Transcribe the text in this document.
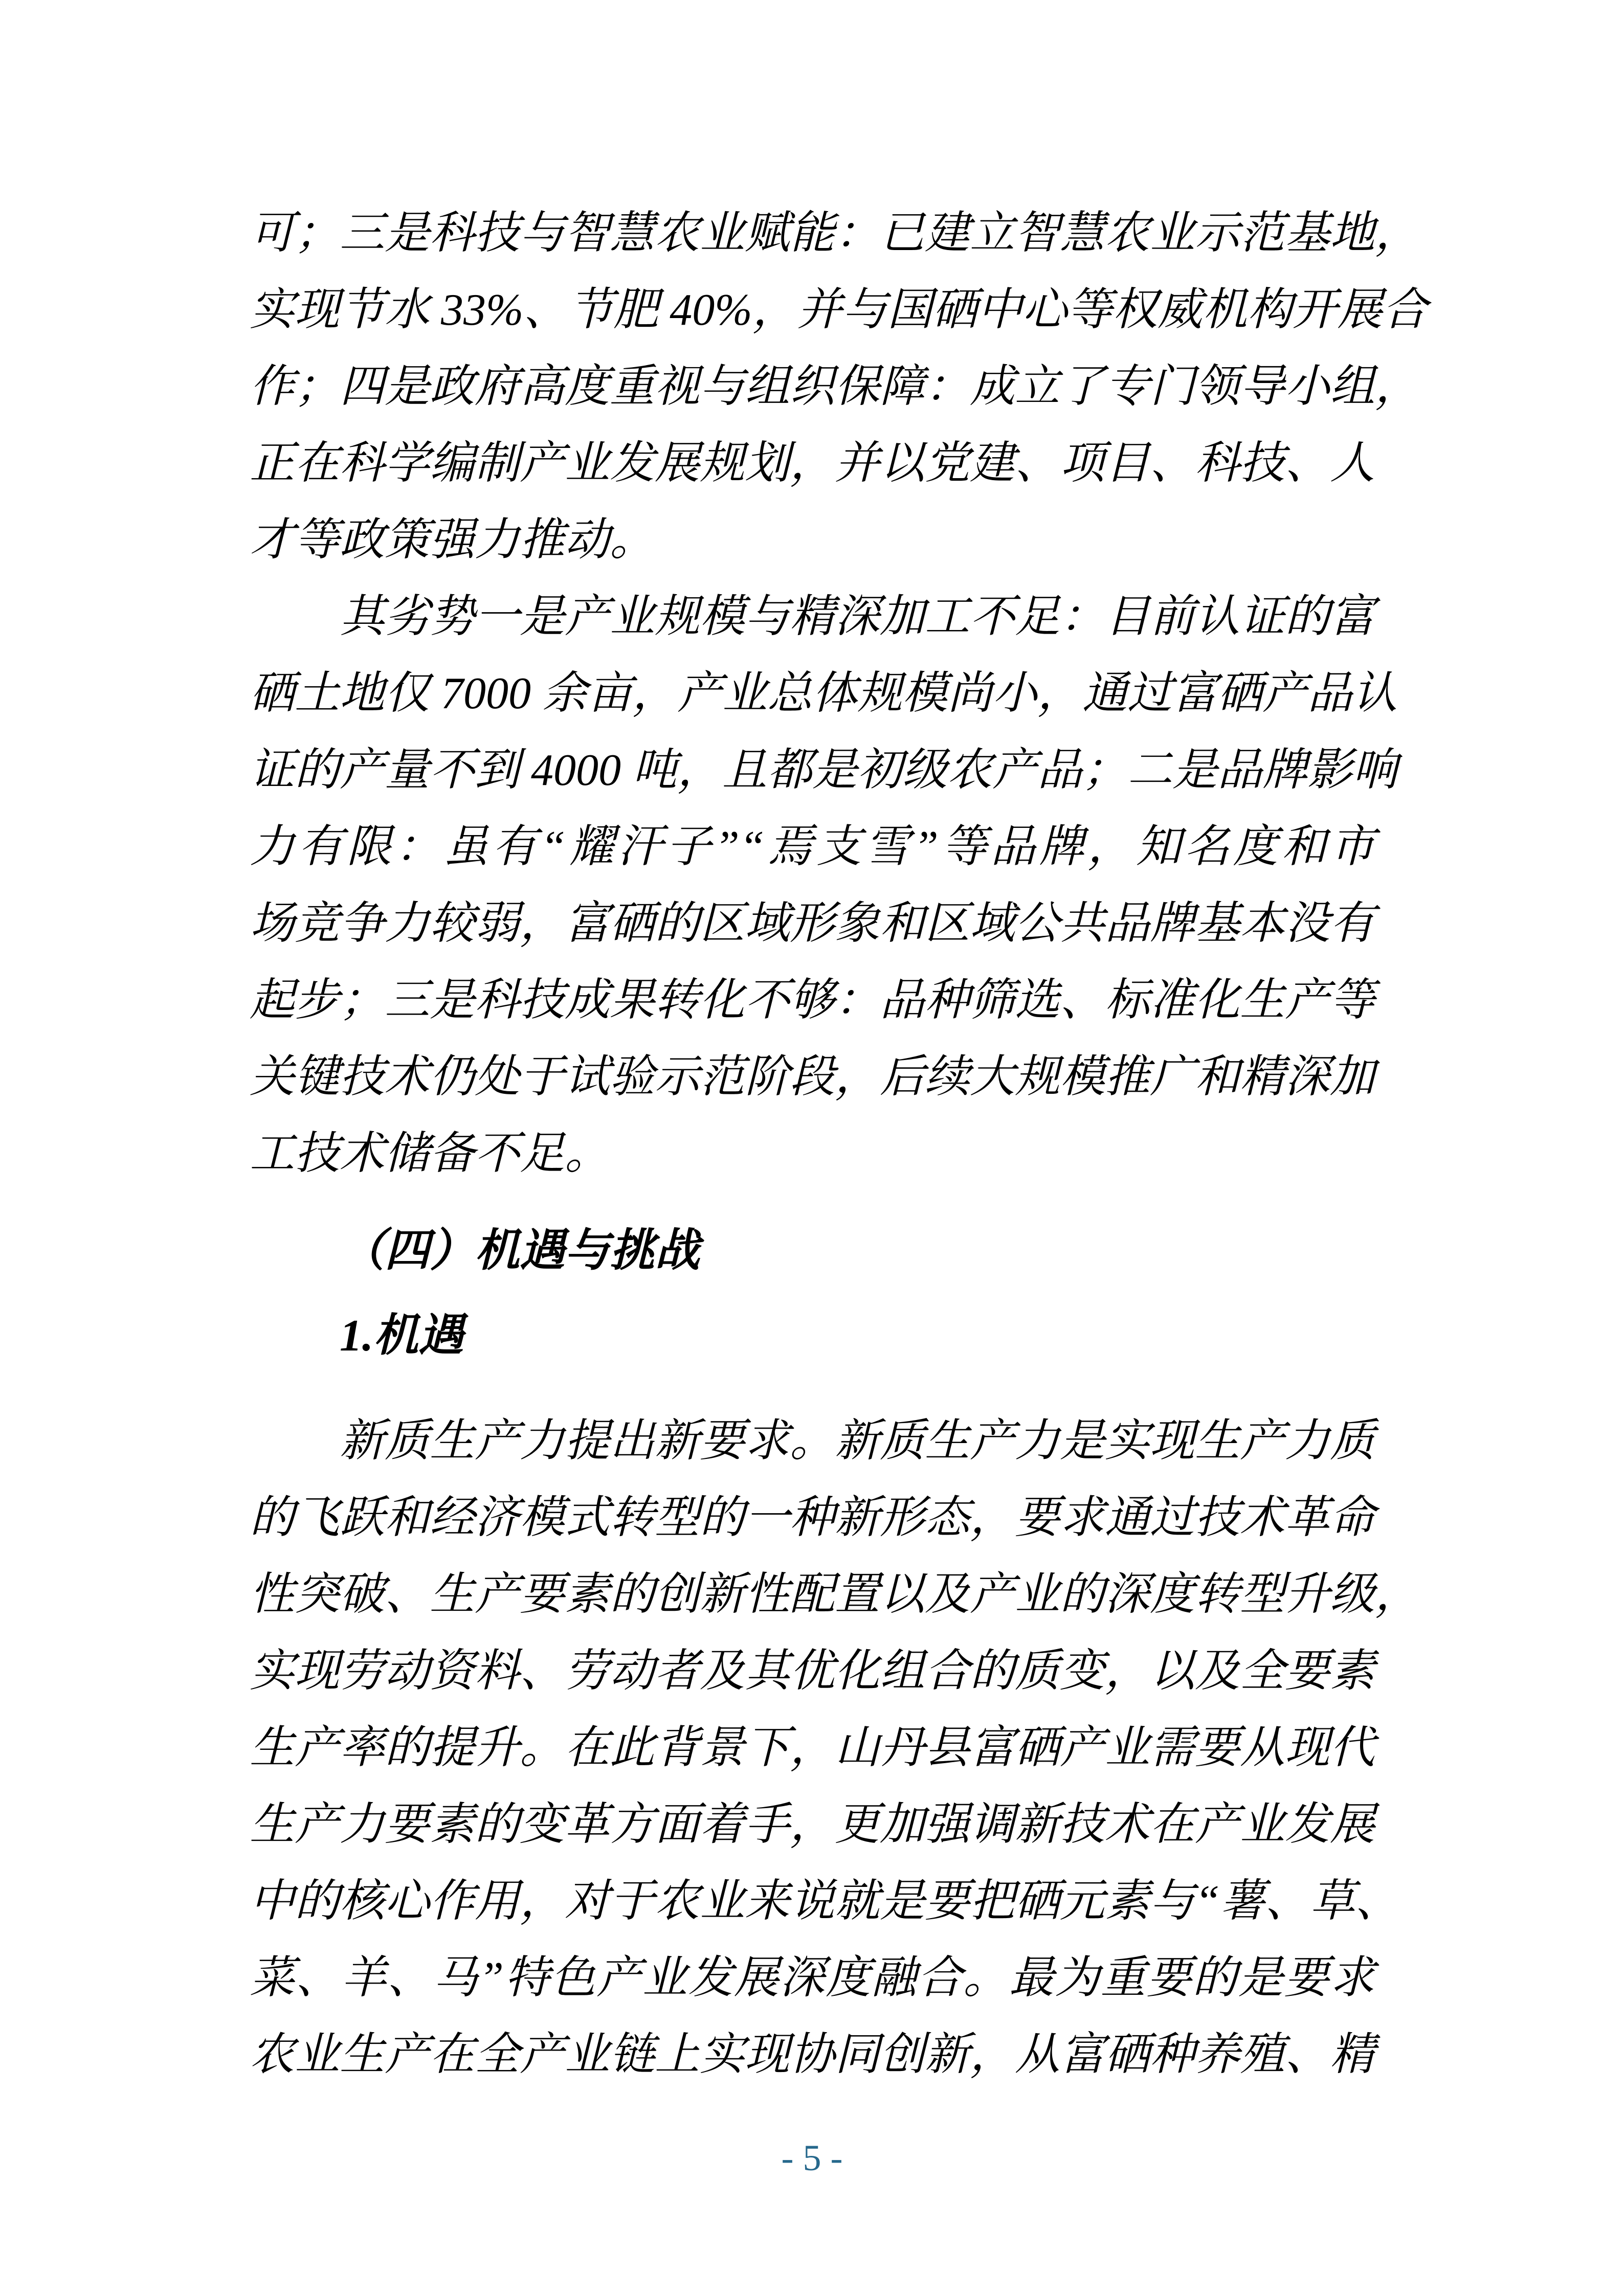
可；三是科技与智慧农业赋能：已建立智慧农业示范基地，

实现节水 33%、节肥 40%，并与国硒中心等权威机构开展合

作；四是政府高度重视与组织保障：成立了专门领导小组，

正在科学编制产业发展规划，并以党建、项目、科技、人

才等政策强力推动。

其劣势一是产业规模与精深加工不足：目前认证的富

硒土地仅 7000 余亩，产业总体规模尚小，通过富硒产品认

证的产量不到 4000 吨，且都是初级农产品；二是品牌影响

力有限：虽有“耀汗子”“焉支雪”等品牌，知名度和市

场竞争力较弱，富硒的区域形象和区域公共品牌基本没有

起步；三是科技成果转化不够：品种筛选、标准化生产等

关键技术仍处于试验示范阶段，后续大规模推广和精深加

工技术储备不足。

（四）机遇与挑战
1.机遇

新质生产力提出新要求。新质生产力是实现生产力质

的飞跃和经济模式转型的一种新形态，要求通过技术革命

性突破、生产要素的创新性配置以及产业的深度转型升级，

实现劳动资料、劳动者及其优化组合的质变，以及全要素

生产率的提升。在此背景下，山丹县富硒产业需要从现代

生产力要素的变革方面着手，更加强调新技术在产业发展

中的核心作用，对于农业来说就是要把硒元素与“薯、草、

菜、羊、马”特色产业发展深度融合。最为重要的是要求

农业生产在全产业链上实现协同创新，从富硒种养殖、精

- 5 -
